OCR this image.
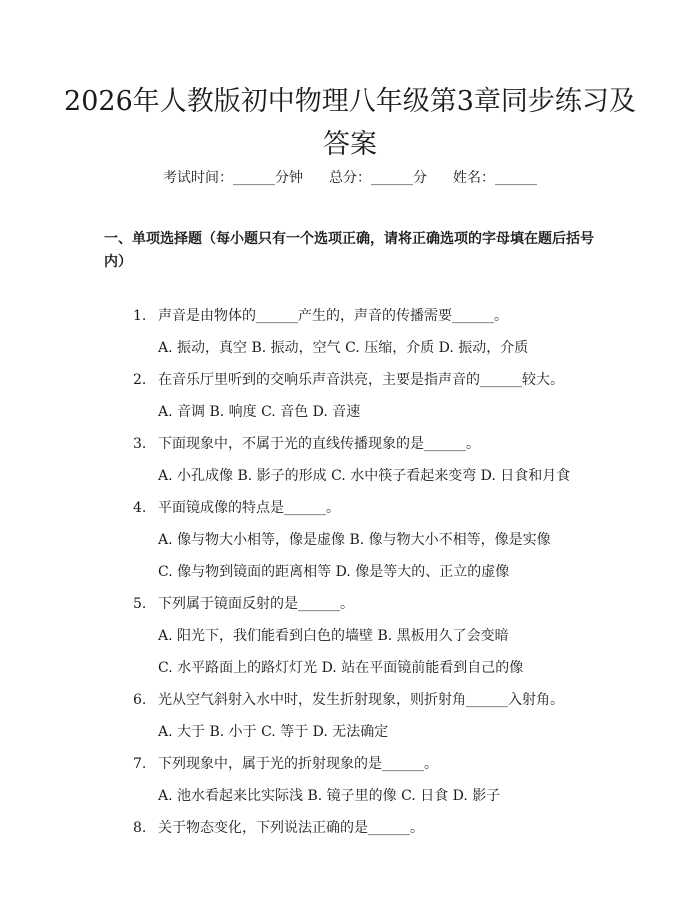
2026年人教版初中物理八年级第3章同步练习及答案
考试时间：______分钟 总分：______分 姓名：______
一、单项选择题（每小题只有一个选项正确，请将正确选项的字母填在题后括号内）
1. 声音是由物体的______产生的，声音的传播需要______。
A. 振动，真空 B. 振动，空气 C. 压缩，介质 D. 振动，介质
2. 在音乐厅里听到的交响乐声音洪亮，主要是指声音的______较大。
A. 音调 B. 响度 C. 音色 D. 音速
3. 下面现象中，不属于光的直线传播现象的是______。
A. 小孔成像 B. 影子的形成 C. 水中筷子看起来变弯 D. 日食和月食
4. 平面镜成像的特点是______。
A. 像与物大小相等，像是虚像 B. 像与物大小不相等，像是实像
C. 像与物到镜面的距离相等 D. 像是等大的、正立的虚像
5. 下列属于镜面反射的是______。
A. 阳光下，我们能看到白色的墙壁 B. 黑板用久了会变暗
C. 水平路面上的路灯灯光 D. 站在平面镜前能看到自己的像
6. 光从空气斜射入水中时，发生折射现象，则折射角______入射角。
A. 大于 B. 小于 C. 等于 D. 无法确定
7. 下列现象中，属于光的折射现象的是______。
A. 池水看起来比实际浅 B. 镜子里的像 C. 日食 D. 影子
8. 关于物态变化，下列说法正确的是______。
